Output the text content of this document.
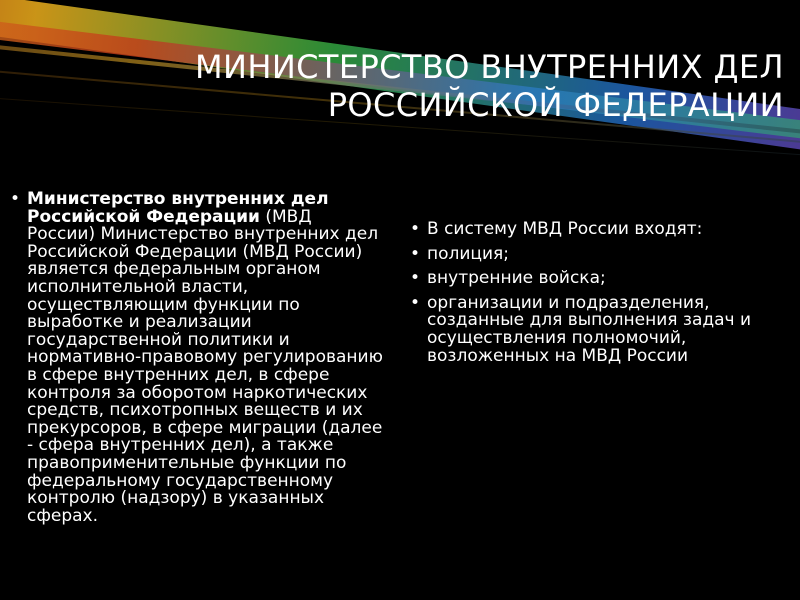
МИНИСТЕРСТВО ВНУТРЕННИХ ДЕЛ
РОССИЙСКОЙ ФЕДЕРАЦИИ
• Министерство внутренних дел Российской Федерации (МВД России) Министерство внутренних дел Российской Федерации (МВД России) является федеральным органом исполнительной власти, осуществляющим функции по выработке и реализации государственной политики и нормативно-правовому регулированию в сфере внутренних дел, в сфере контроля за оборотом наркотических средств, психотропных веществ и их прекурсоров, в сфере миграции (далее - сфера внутренних дел), а также правоприменительные функции по федеральному государственному контролю (надзору) в указанных сферах.
• В систему МВД России входят:
• полиция;
• внутренние войска;
• организации и подразделения, созданные для выполнения задач и осуществления полномочий, возложенных на МВД России
